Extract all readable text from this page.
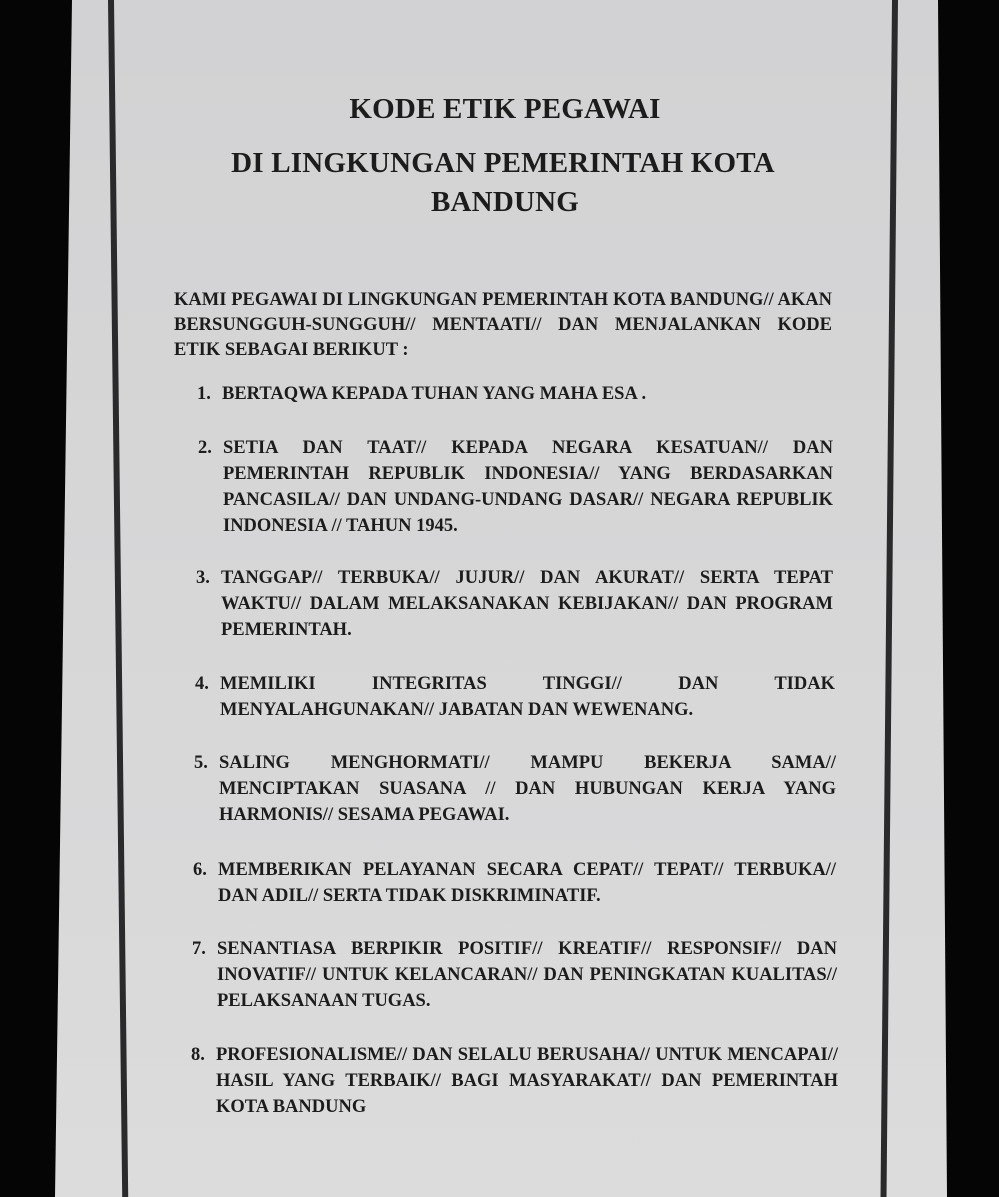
KODE ETIK PEGAWAI
DI LINGKUNGAN PEMERINTAH KOTA
BANDUNG
KAMI PEGAWAI DI LINGKUNGAN PEMERINTAH KOTA BANDUNG// AKAN BERSUNGGUH-SUNGGUH// MENTAATI// DAN MENJALANKAN KODE ETIK SEBAGAI BERIKUT :
1. BERTAQWA KEPADA TUHAN YANG MAHA ESA .
2. SETIA DAN TAAT// KEPADA NEGARA KESATUAN// DAN PEMERINTAH REPUBLIK INDONESIA// YANG BERDASARKAN PANCASILA// DAN UNDANG-UNDANG DASAR// NEGARA REPUBLIK INDONESIA // TAHUN 1945.
3. TANGGAP// TERBUKA// JUJUR// DAN AKURAT// SERTA TEPAT WAKTU// DALAM MELAKSANAKAN KEBIJAKAN// DAN PROGRAM PEMERINTAH.
4. MEMILIKI INTEGRITAS TINGGI// DAN TIDAK MENYALAHGUNAKAN// JABATAN DAN WEWENANG.
5. SALING MENGHORMATI// MAMPU BEKERJA SAMA// MENCIPTAKAN SUASANA // DAN HUBUNGAN KERJA YANG HARMONIS// SESAMA PEGAWAI.
6. MEMBERIKAN PELAYANAN SECARA CEPAT// TEPAT// TERBUKA// DAN ADIL// SERTA TIDAK DISKRIMINATIF.
7. SENANTIASA BERPIKIR POSITIF// KREATIF// RESPONSIF// DAN INOVATIF// UNTUK KELANCARAN// DAN PENINGKATAN KUALITAS// PELAKSANAAN TUGAS.
8. PROFESIONALISME// DAN SELALU BERUSAHA// UNTUK MENCAPAI// HASIL YANG TERBAIK// BAGI MASYARAKAT// DAN PEMERINTAH KOTA BANDUNG
